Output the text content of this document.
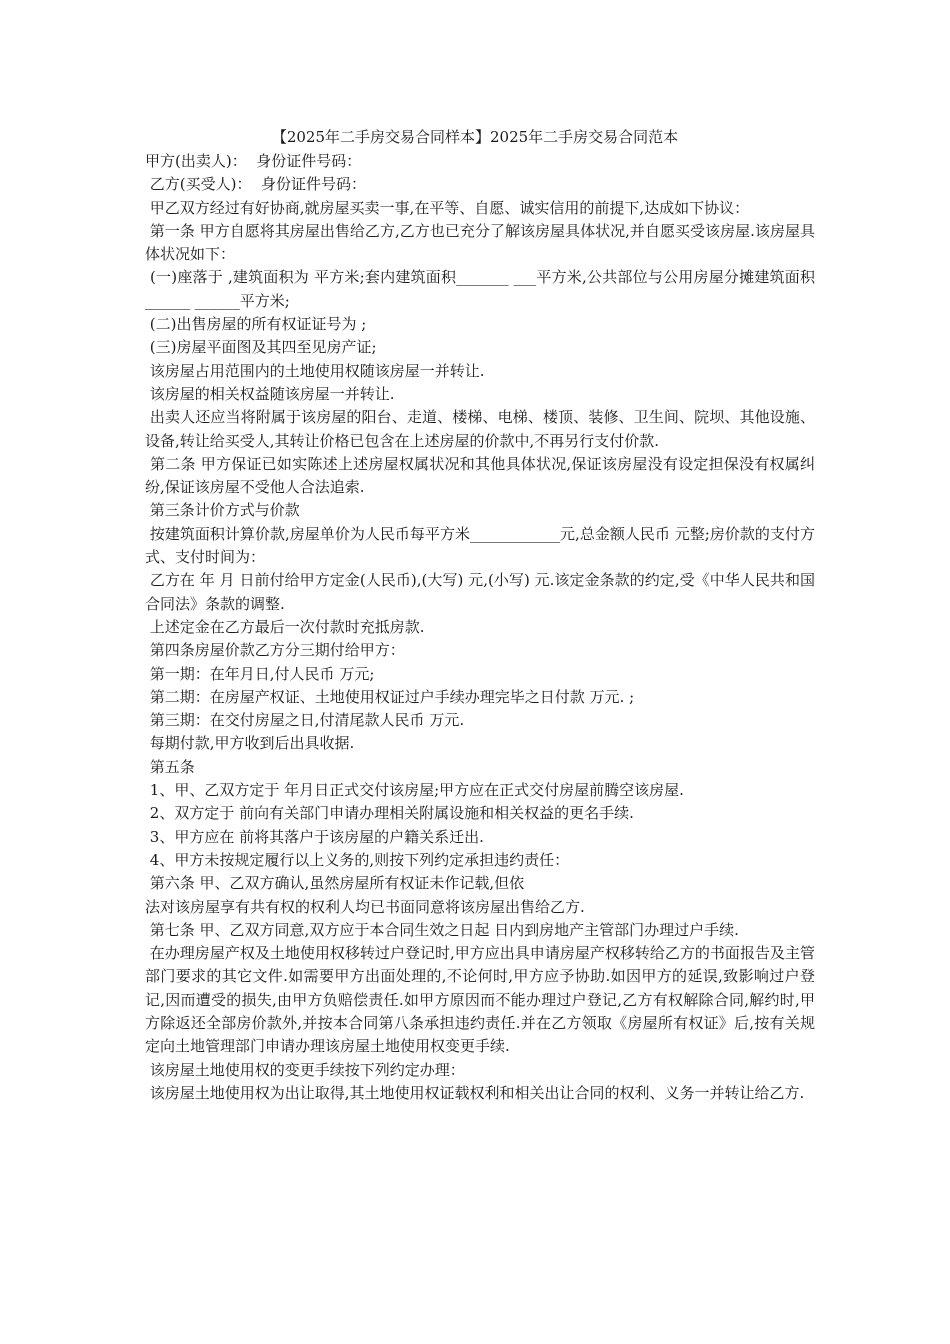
【2025年二手房交易合同样本】2025年二手房交易合同范本

甲方(出卖人)：  身份证件号码：

乙方(买受人)：  身份证件号码：

甲乙双方经过有好协商,就房屋买卖一事,在平等、自愿、诚实信用的前提下,达成如下协议：

第一条 甲方自愿将其房屋出售给乙方,乙方也已充分了解该房屋具体状况,并自愿买受该房屋.该房屋具体状况如下：

(一)座落于 ,建筑面积为 平方米;套内建筑面积_______ ___平方米,公共部位与公用房屋分摊建筑面积______ ______平方米;

(二)出售房屋的所有权证证号为 ;

(三)房屋平面图及其四至见房产证;

该房屋占用范围内的土地使用权随该房屋一并转让.

该房屋的相关权益随该房屋一并转让.

出卖人还应当将附属于该房屋的阳台、走道、楼梯、电梯、楼顶、装修、卫生间、院坝、其他设施、设备,转让给买受人,其转让价格已包含在上述房屋的价款中,不再另行支付价款.

第二条 甲方保证已如实陈述上述房屋权属状况和其他具体状况,保证该房屋没有设定担保没有权属纠纷,保证该房屋不受他人合法追索.

第三条计价方式与价款

按建筑面积计算价款,房屋单价为人民币每平方米____________元,总金额人民币 元整;房价款的支付方式、支付时间为：

乙方在 年 月 日前付给甲方定金(人民币),(大写) 元,(小写) 元.该定金条款的约定,受《中华人民共和国合同法》条款的调整.

上述定金在乙方最后一次付款时充抵房款.

第四条房屋价款乙方分三期付给甲方：

第一期：在年月日,付人民币 万元;

第二期：在房屋产权证、土地使用权证过户手续办理完毕之日付款 万元. ;

第三期：在交付房屋之日,付清尾款人民币 万元.

每期付款,甲方收到后出具收据.

第五条

1、甲、乙双方定于 年月日正式交付该房屋;甲方应在正式交付房屋前腾空该房屋.

2、双方定于 前向有关部门申请办理相关附属设施和相关权益的更名手续.

3、甲方应在 前将其落户于该房屋的户籍关系迁出.

4、甲方未按规定履行以上义务的,则按下列约定承担违约责任：

第六条 甲、乙双方确认,虽然房屋所有权证未作记载,但依

法对该房屋享有共有权的权利人均已书面同意将该房屋出售给乙方.

第七条 甲、乙双方同意,双方应于本合同生效之日起 日内到房地产主管部门办理过户手续.

在办理房屋产权及土地使用权移转过户登记时,甲方应出具申请房屋产权移转给乙方的书面报告及主管部门要求的其它文件.如需要甲方出面处理的,不论何时,甲方应予协助.如因甲方的延误,致影响过户登记,因而遭受的损失,由甲方负赔偿责任.如甲方原因而不能办理过户登记,乙方有权解除合同,解约时,甲方除返还全部房价款外,并按本合同第八条承担违约责任.并在乙方领取《房屋所有权证》后,按有关规定向土地管理部门申请办理该房屋土地使用权变更手续.

该房屋土地使用权的变更手续按下列约定办理：

该房屋土地使用权为出让取得,其土地使用权证载权利和相关出让合同的权利、义务一并转让给乙方.
